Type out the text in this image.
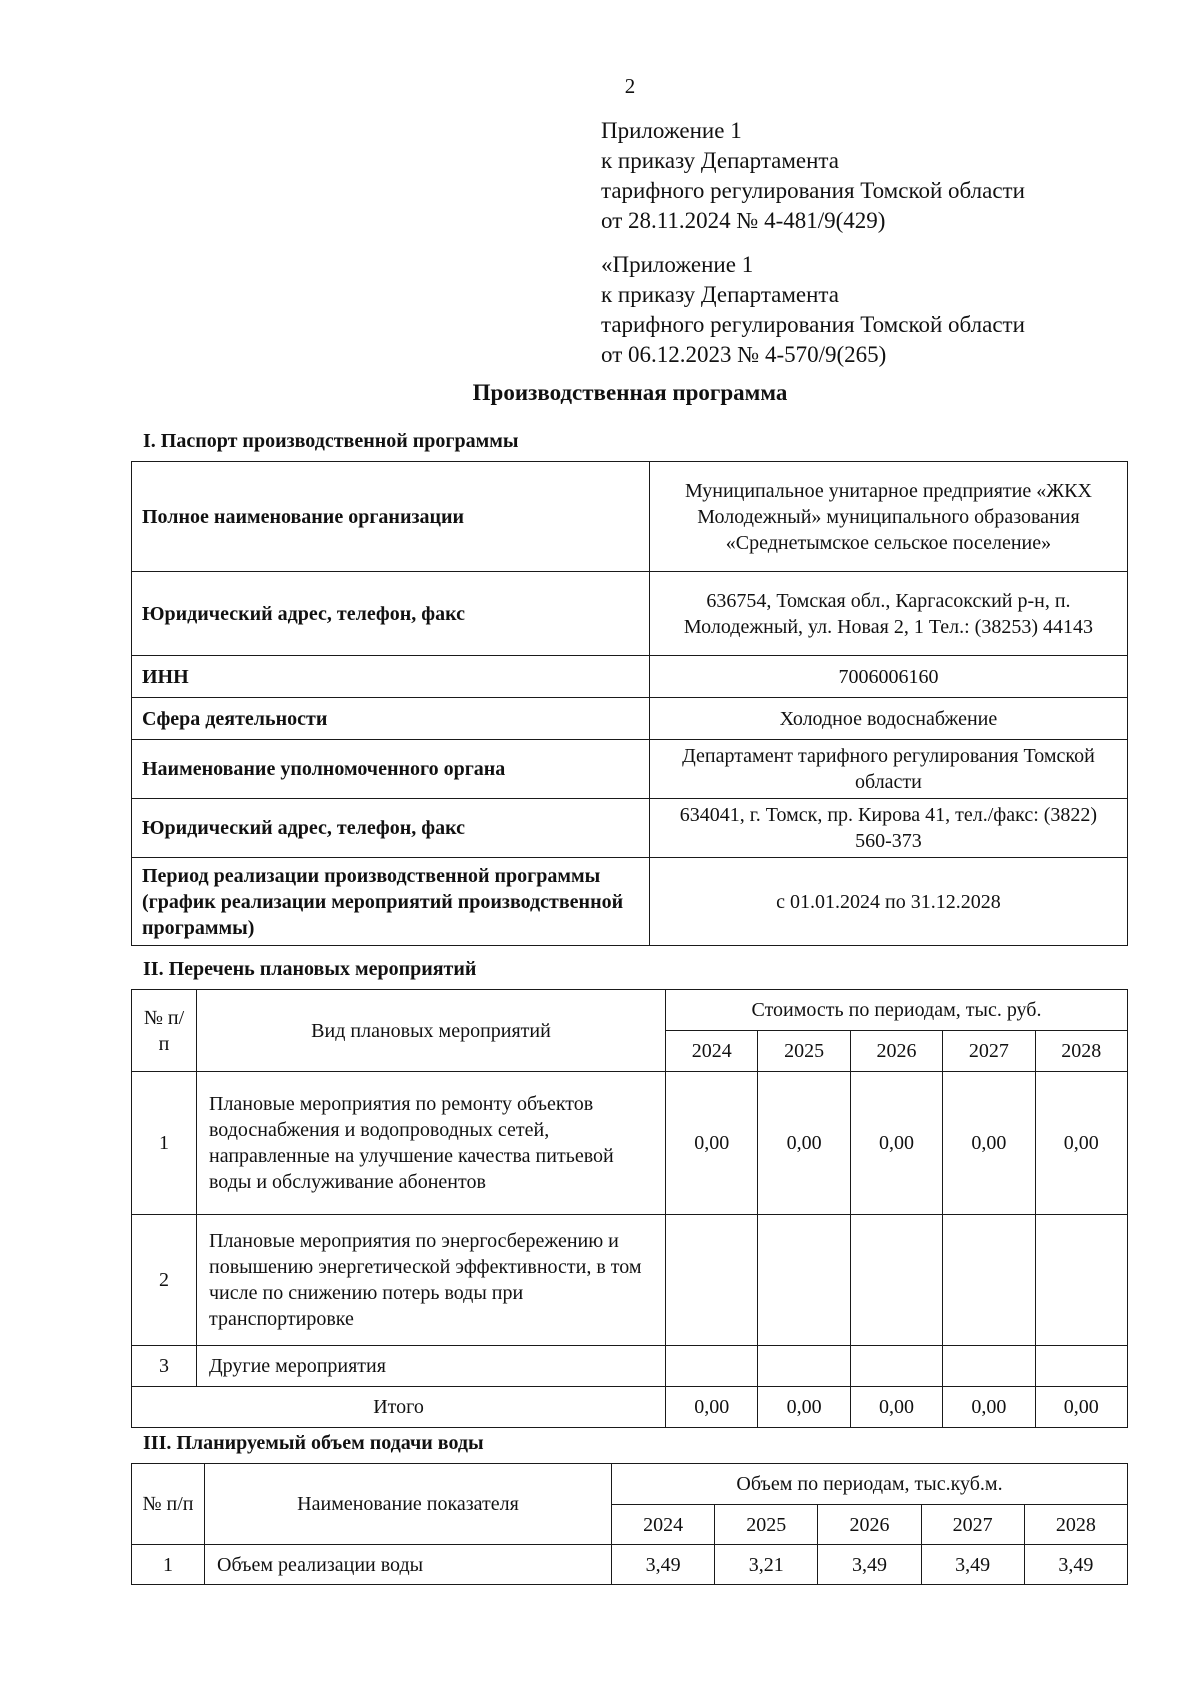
2
Приложение 1
к приказу Департамента
тарифного регулирования Томской области
от 28.11.2024 № 4-481/9(429)
«Приложение 1
к приказу Департамента
тарифного регулирования Томской области
от 06.12.2023 № 4-570/9(265)
Производственная программа
I. Паспорт производственной программы
Полное наименование организации	Муниципальное унитарное предприятие «ЖКХ Молодежный» муниципального образования «Среднетымское сельское поселение»
Юридический адрес, телефон, факс	636754, Томская обл., Каргасокский р-н, п. Молодежный, ул. Новая 2, 1 Тел.: (38253) 44143
ИНН	7006006160
Сфера деятельности	Холодное водоснабжение
Наименование уполномоченного органа	Департамент тарифного регулирования Томской области
Юридический адрес, телефон, факс	634041, г. Томск, пр. Кирова 41, тел./факс: (3822) 560-373
Период реализации производственной программы (график реализации мероприятий производственной программы)	с 01.01.2024 по 31.12.2028
II. Перечень плановых мероприятий
№ п/п	Вид плановых мероприятий	Стоимость по периодам, тыс. руб.				
		2024	2025	2026	2027	2028
1	Плановые мероприятия по ремонту объектов водоснабжения и водопроводных сетей, направленные на улучшение качества питьевой воды и обслуживание абонентов	0,00	0,00	0,00	0,00	0,00
2	Плановые мероприятия по энергосбережению и повышению энергетической эффективности, в том числе по снижению потерь воды при транспортировке					
3	Другие мероприятия					
Итого		0,00	0,00	0,00	0,00	0,00
III. Планируемый объем подачи воды
№ п/п	Наименование показателя	Объем по периодам, тыс.куб.м.				
		2024	2025	2026	2027	2028
1	Объем реализации воды	3,49	3,21	3,49	3,49	3,49
